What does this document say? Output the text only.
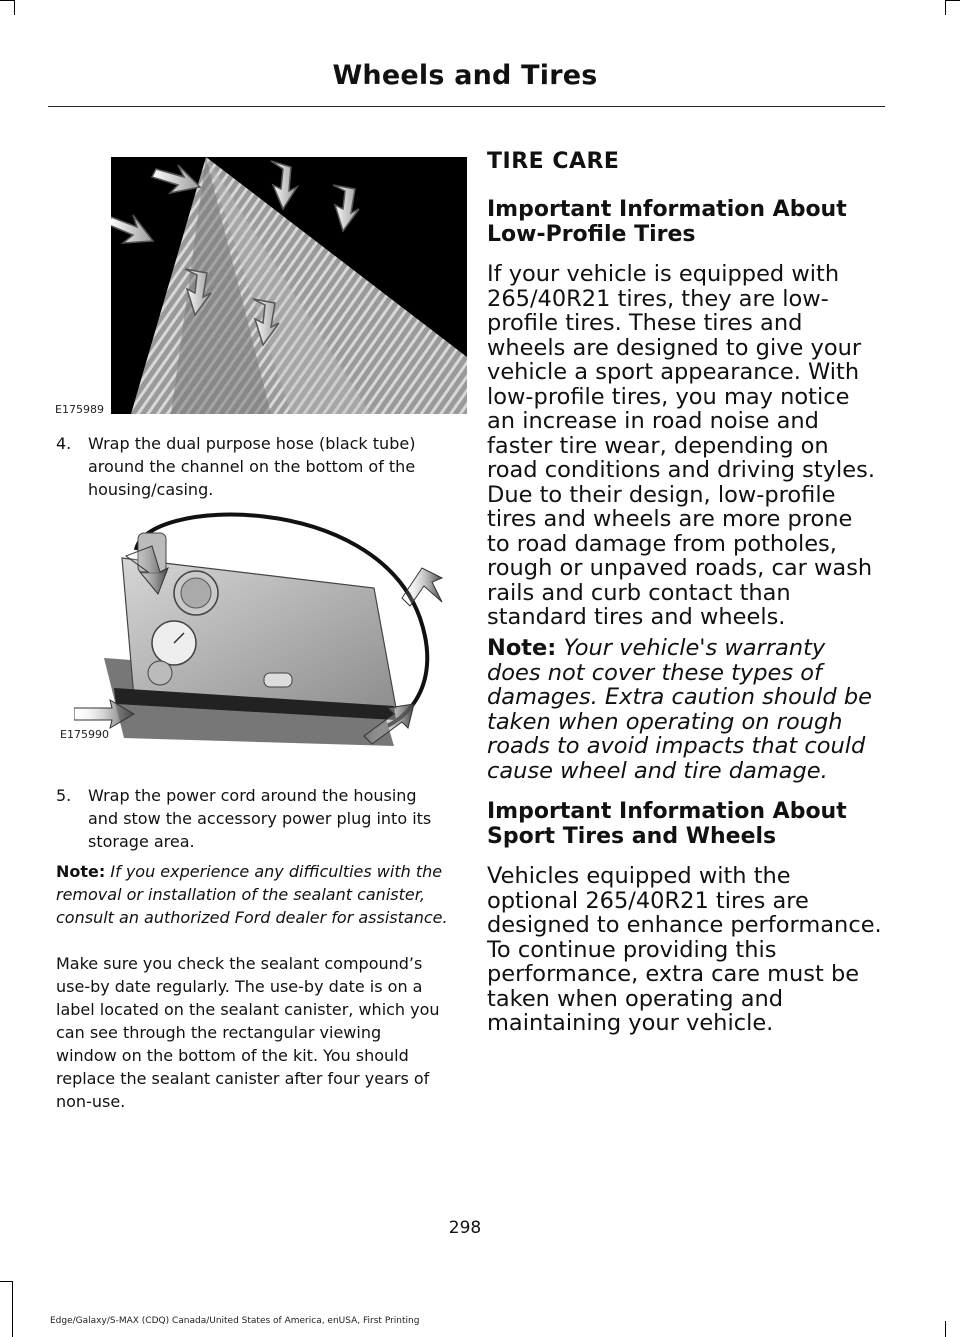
Wheels and Tires
E175989
4. Wrap the dual purpose hose (black tube) around the channel on the bottom of the housing/casing.
E175990
5. Wrap the power cord around the housing and stow the accessory power plug into its storage area.

Note: If you experience any difficulties with the removal or installation of the sealant canister, consult an authorized Ford dealer for assistance.

Make sure you check the sealant compound’s use-by date regularly. The use-by date is on a label located on the sealant canister, which you can see through the rectangular viewing window on the bottom of the kit. You should replace the sealant canister after four years of non-use.

TIRE CARE
Important Information About Low-Profile Tires

If your vehicle is equipped with 265/40R21 tires, they are low-profile tires. These tires and wheels are designed to give your vehicle a sport appearance. With low-profile tires, you may notice an increase in road noise and faster tire wear, depending on road conditions and driving styles. Due to their design, low-profile tires and wheels are more prone to road damage from potholes, rough or unpaved roads, car wash rails and curb contact than standard tires and wheels.

Note: Your vehicle's warranty does not cover these types of damages. Extra caution should be taken when operating on rough roads to avoid impacts that could cause wheel and tire damage.

Important Information About Sport Tires and Wheels

Vehicles equipped with the optional 265/40R21 tires are designed to enhance performance. To continue providing this performance, extra care must be taken when operating and maintaining your vehicle.

298
Edge/Galaxy/S-MAX (CDQ) Canada/United States of America, enUSA, First Printing
